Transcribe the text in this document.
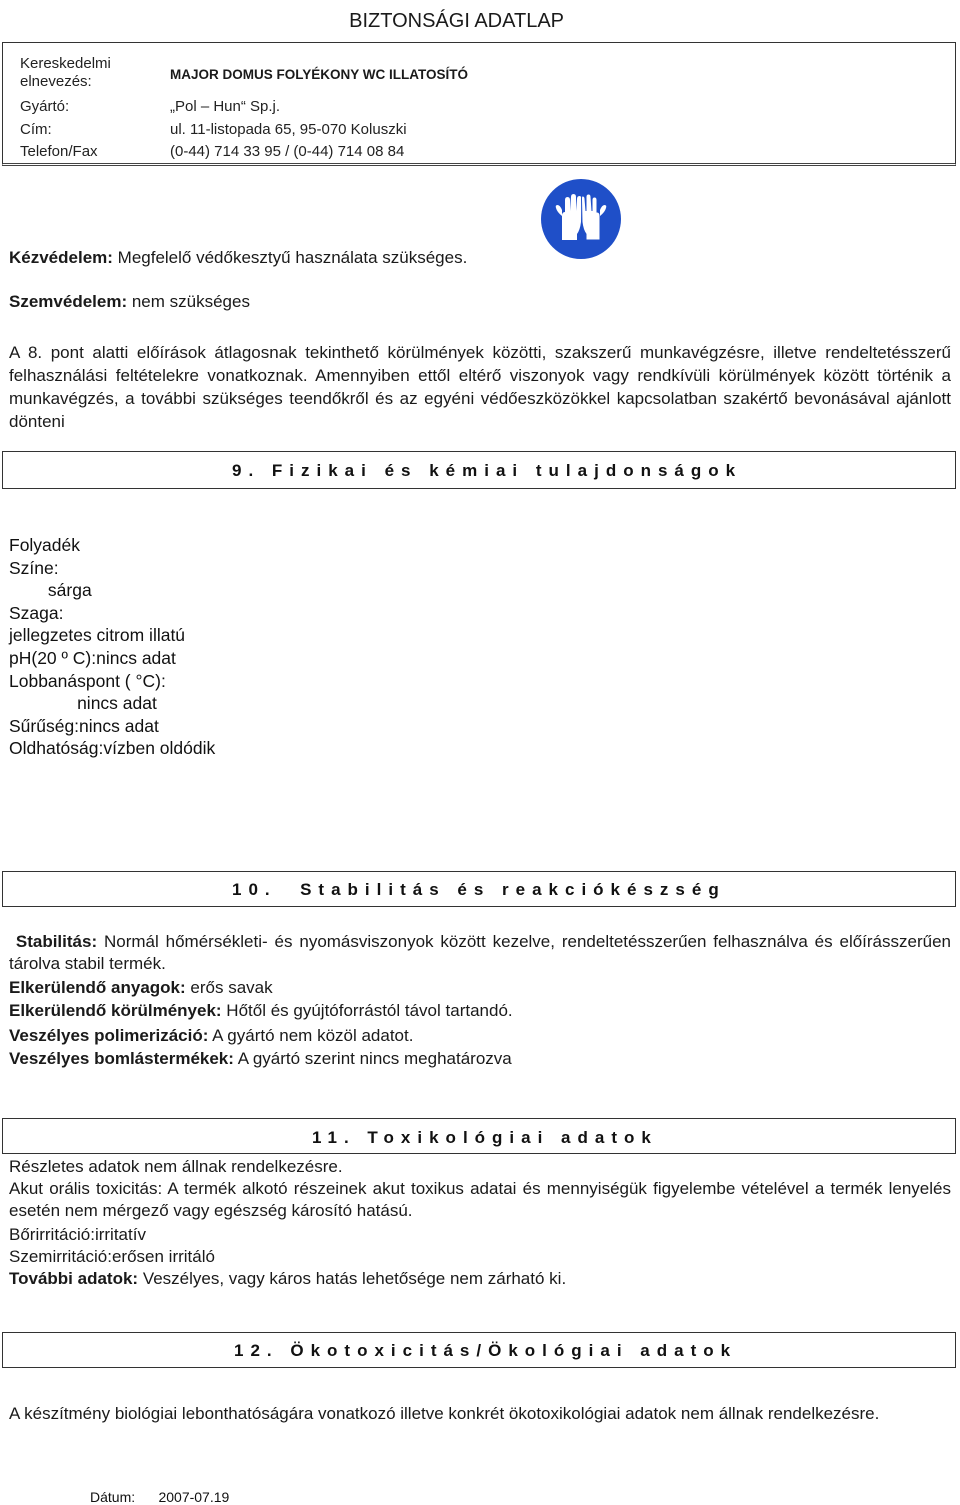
BIZTONSÁGI ADATLAP
Kereskedelmi elnevezés:	MAJOR DOMUS FOLYÉKONY WC ILLATOSÍTÓ
Gyártó:	„Pol – Hun“ Sp.j.
Cím:	ul. 11-listopada 65, 95-070 Koluszki
Telefon/Fax	(0-44) 714 33 95 / (0-44) 714 08 84
Kézvédelem: Megfelelő védőkesztyű használata szükséges.
Szemvédelem: nem szükséges
A 8. pont alatti előírások átlagosnak tekinthető körülmények közötti, szakszerű munkavégzésre, illetve rendeltetésszerű felhasználási feltételekre vonatkoznak. Amennyiben ettől eltérő viszonyok vagy rendkívüli körülmények között történik a munkavégzés, a további szükséges teendőkről és az egyéni védőeszközökkel kapcsolatban szakértő bevonásával ajánlott dönteni
9. Fizikai és kémiai tulajdonságok
Folyadék
Színe:
sárga
Szaga:
jellegzetes citrom illatú
pH(20 º C):nincs adat
Lobbanáspont ( °C):
nincs adat
Sűrűség:nincs adat
Oldhatóság:vízben oldódik
10.  Stabilitás és reakciókészség
Stabilitás: Normál hőmérsékleti- és nyomásviszonyok között kezelve, rendeltetésszerűen felhasználva és előírásszerűen tárolva stabil termék.
Elkerülendő anyagok: erős savak
Elkerülendő körülmények: Hőtől és gyújtóforrástól távol tartandó.
Veszélyes polimerizáció: A gyártó nem közöl adatot.
Veszélyes bomlástermékek: A gyártó szerint nincs meghatározva
11. Toxikológiai adatok
Részletes adatok nem állnak rendelkezésre.
Akut orális toxicitás: A termék alkotó részeinek akut toxikus adatai és mennyiségük figyelembe vételével a termék lenyelés esetén nem mérgező vagy egészség károsító hatású.
Bőrirritáció:irritatív
Szemirritáció:erősen irritáló
További adatok: Veszélyes, vagy káros hatás lehetősége nem zárható ki.
12. Ökotoxicitás/Ökológiai adatok
A készítmény biológiai lebonthatóságára vonatkozó illetve konkrét ökotoxikológiai adatok nem állnak rendelkezésre.
Dátum: 2007-07.19
